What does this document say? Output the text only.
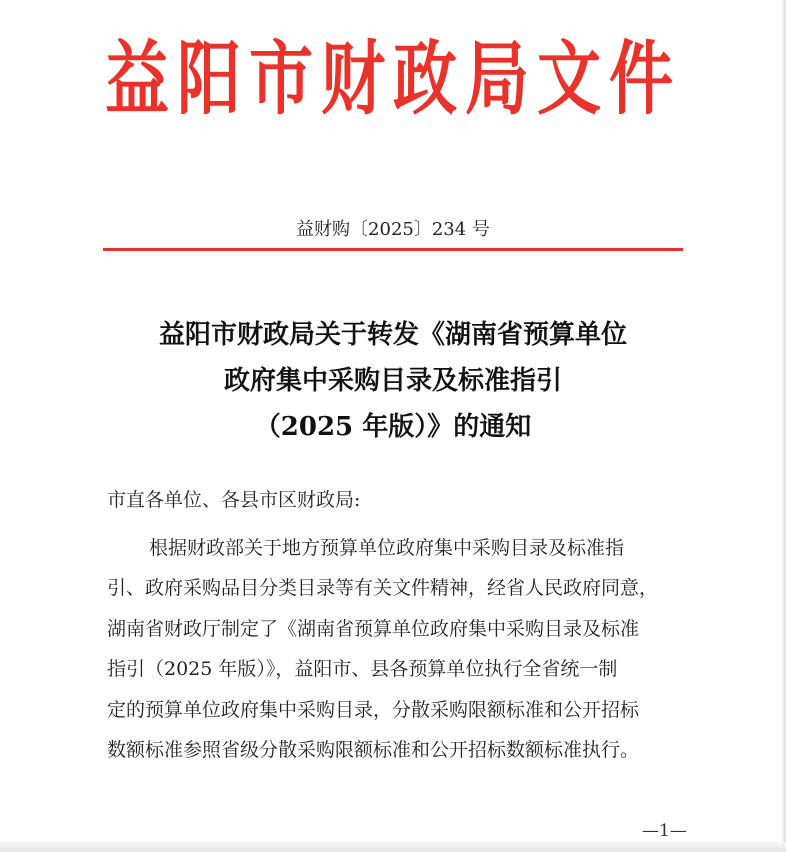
益阳市财政局文件
益财购〔2025〕234 号
益阳市财政局关于转发《湖南省预算单位
政府集中采购目录及标准指引
（2025 年版）》的通知
市直各单位、各县市区财政局:
根据财政部关于地方预算单位政府集中采购目录及标准指
引、政府采购品目分类目录等有关文件精神，经省人民政府同意，
湖南省财政厅制定了《湖南省预算单位政府集中采购目录及标准
指引（2025 年版）》，益阳市、县各预算单位执行全省统一制
定的预算单位政府集中采购目录，分散采购限额标准和公开招标
数额标准参照省级分散采购限额标准和公开招标数额标准执行。
—1—
